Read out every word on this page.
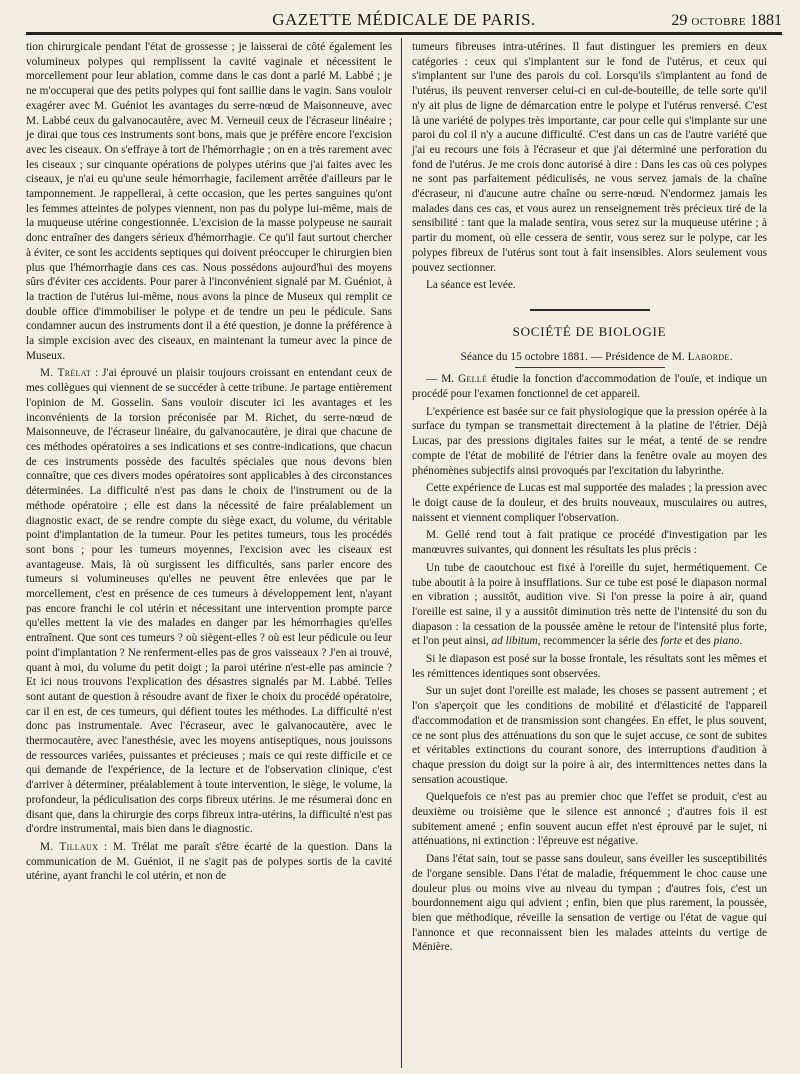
GAZETTE MÉDICALE DE PARIS.	29 OCTOBRE 1881

tion chirurgicale pendant l'état de grossesse ; je laisserai de côté également les volumineux polypes qui remplissent la cavité vaginale et nécessitent le morcellement pour leur ablation, comme dans le cas dont a parlé M. Labbé ; je ne m'occuperai que des petits polypes qui font saillie dans le vagin. Sans vouloir exagérer avec M. Guéniot les avantages du serre-nœud de Maisonneuve, avec M. Labbé ceux du galvanocautère, avec M. Verneuil ceux de l'écraseur linéaire ; je dirai que tous ces instruments sont bons, mais que je préfère encore l'excision avec les ciseaux. On s'effraye à tort de l'hémorrhagie ; on en a très rarement avec les ciseaux ; sur cinquante opérations de polypes utérins que j'ai faites avec les ciseaux, je n'ai eu qu'une seule hémorrhagie, facilement arrêtée d'ailleurs par le tamponnement. Je rappellerai, à cette occasion, que les pertes sanguines qu'ont les femmes atteintes de polypes viennent, non pas du polype lui-même, mais de la muqueuse utérine congestionnée. L'excision de la masse polypeuse ne saurait donc entraîner des dangers sérieux d'hémorrhagie. Ce qu'il faut surtout chercher à éviter, ce sont les accidents septiques qui doivent préoccuper le chirurgien bien plus que l'hémorrhagie dans ces cas. Nous possédons aujourd'hui des moyens sûrs d'éviter ces accidents. Pour parer à l'inconvénient signalé par M. Guéniot, à la traction de l'utérus lui-même, nous avons la pince de Museux qui remplit ce double office d'immobiliser le polype et de tendre un peu le pédicule. Sans condamner aucun des instruments dont il a été question, je donne la préférence à la simple excision avec des ciseaux, en maintenant la tumeur avec la pince de Museux.

M. Trélat : J'ai éprouvé un plaisir toujours croissant en entendant ceux de mes collègues qui viennent de se succéder à cette tribune. Je partage entièrement l'opinion de M. Gosselin. Sans vouloir discuter ici les avantages et les inconvénients de la torsion préconisée par M. Richet, du serre-nœud de Maisonneuve, de l'écraseur linéaire, du galvanocautère, je dirai que chacune de ces méthodes opératoires a ses indications et ses contre-indications, que chacun de ces instruments possède des facultés spéciales que nous devons bien connaître, que ces divers modes opératoires sont applicables à des circonstances déterminées. La difficulté n'est pas dans le choix de l'instrument ou de la méthode opératoire ; elle est dans la nécessité de faire préalablement un diagnostic exact, de se rendre compte du siège exact, du volume, du véritable point d'implantation de la tumeur. Pour les petites tumeurs, tous les procédés sont bons ; pour les tumeurs moyennes, l'excision avec les ciseaux est avantageuse. Mais, là où surgissent les difficultés, sans parler encore des tumeurs si volumineuses qu'elles ne peuvent être enlevées que par le morcellement, c'est en présence de ces tumeurs à développement lent, n'ayant pas encore franchi le col utérin et nécessitant une intervention prompte parce qu'elles mettent la vie des malades en danger par les hémorrhagies qu'elles entraînent. Que sont ces tumeurs ? où siègent-elles ? où est leur pédicule ou leur point d'implantation ? Ne renferment-elles pas de gros vaisseaux ? J'en ai trouvé, quant à moi, du volume du petit doigt ; la paroi utérine n'est-elle pas amincie ? Et ici nous trouvons l'explication des désastres signalés par M. Labbé. Telles sont autant de question à résoudre avant de fixer le choix du procédé opératoire, car il en est, de ces tumeurs, qui défient toutes les méthodes. La difficulté n'est donc pas instrumentale. Avec l'écraseur, avec le galvanocautère, avec le thermocautère, avec l'anesthésie, avec les moyens antiseptiques, nous jouissons de ressources variées, puissantes et précieuses ; mais ce qui reste difficile et ce qui demande de l'expérience, de la lecture et de l'observation clinique, c'est d'arriver à déterminer, préalablement à toute intervention, le siège, le volume, la profondeur, la pédiculisation des corps fibreux utérins. Je me résumerai donc en disant que, dans la chirurgie des corps fibreux intra-utérins, la difficulté n'est pas d'ordre instrumental, mais bien dans le diagnostic.

M. Tillaux : M. Trélat me paraît s'être écarté de la question. Dans la communication de M. Guéniot, il ne s'agit pas de polypes sortis de la cavité utérine, ayant franchi le col utérin, et non de

tumeurs fibreuses intra-utérines. Il faut distinguer les premiers en deux catégories : ceux qui s'implantent sur le fond de l'utérus, et ceux qui s'implantent sur l'une des parois du col. Lorsqu'ils s'implantent au fond de l'utérus, ils peuvent renverser celui-ci en cul-de-bouteille, de telle sorte qu'il n'y ait plus de ligne de démarcation entre le polype et l'utérus renversé. C'est là une variété de polypes très importante, car pour celle qui s'implante sur une paroi du col il n'y a aucune difficulté. C'est dans un cas de l'autre variété que j'ai eu recours une fois à l'écraseur et que j'ai déterminé une perforation du fond de l'utérus. Je me crois donc autorisé à dire : Dans les cas où ces polypes ne sont pas parfaitement pédiculisés, ne vous servez jamais de la chaîne d'écraseur, ni d'aucune autre chaîne ou serre-nœud. N'endormez jamais les malades dans ces cas, et vous aurez un renseignement très précieux tiré de la sensibilité : tant que la malade sentira, vous serez sur la muqueuse utérine ; à partir du moment, où elle cessera de sentir, vous serez sur le polype, car les polypes fibreux de l'utérus sont tout à fait insensibles. Alors seulement vous pouvez sectionner.

La séance est levée.

SOCIÉTÉ DE BIOLOGIE

Séance du 15 octobre 1881. — Présidence de M. Laborde.

— M. Gellé étudie la fonction d'accommodation de l'ouïe, et indique un procédé pour l'examen fonctionnel de cet appareil.

L'expérience est basée sur ce fait physiologique que la pression opérée à la surface du tympan se transmettait directement à la platine de l'étrier. Déjà Lucas, par des pressions digitales faites sur le méat, a tenté de se rendre compte de l'état de mobilité de l'étrier dans la fenêtre ovale au moyen des phénomènes subjectifs ainsi provoqués par l'excitation du labyrinthe.

Cette expérience de Lucas est mal supportée des malades ; la pression avec le doigt cause de la douleur, et des bruits nouveaux, musculaires ou autres, naissent et viennent compliquer l'observation.

M. Gellé rend tout à fait pratique ce procédé d'investigation par les manœuvres suivantes, qui donnent les résultats les plus précis :

Un tube de caoutchouc est fixé à l'oreille du sujet, hermétiquement. Ce tube aboutit à la poire à insufflations. Sur ce tube est posé le diapason normal en vibration ; aussitôt, audition vive. Si l'on presse la poire à air, quand l'oreille est saine, il y a aussitôt diminution très nette de l'intensité du son du diapason : la cessation de la poussée amène le retour de l'intensité plus forte, et l'on peut ainsi, ad libitum, recommencer la série des forte et des piano.

Si le diapason est posé sur la bosse frontale, les résultats sont les mêmes et les rémittences identiques sont observées.

Sur un sujet dont l'oreille est malade, les choses se passent autrement ; et l'on s'aperçoit que les conditions de mobilité et d'élasticité de l'appareil d'accommodation et de transmission sont changées. En effet, le plus souvent, ce ne sont plus des atténuations du son que le sujet accuse, ce sont de subites et véritables extinctions du courant sonore, des interruptions d'audition à chaque pression du doigt sur la poire à air, des intermittences nettes dans la sensation acoustique.

Quelquefois ce n'est pas au premier choc que l'effet se produit, c'est au deuxième ou troisième que le silence est annoncé ; d'autres fois il est subitement amené ; enfin souvent aucun effet n'est éprouvé par le sujet, ni atténuations, ni extinction : l'épreuve est négative.

Dans l'état sain, tout se passe sans douleur, sans éveiller les susceptibilités de l'organe sensible. Dans l'état de maladie, fréquemment le choc cause une douleur plus ou moins vive au niveau du tympan ; d'autres fois, c'est un bourdonnement aigu qui advient ; enfin, bien que plus rarement, la poussée, bien que méthodique, réveille la sensation de vertige ou l'état de vague qui l'annonce et que reconnaissent bien les malades atteints du vertige de Ménière.
